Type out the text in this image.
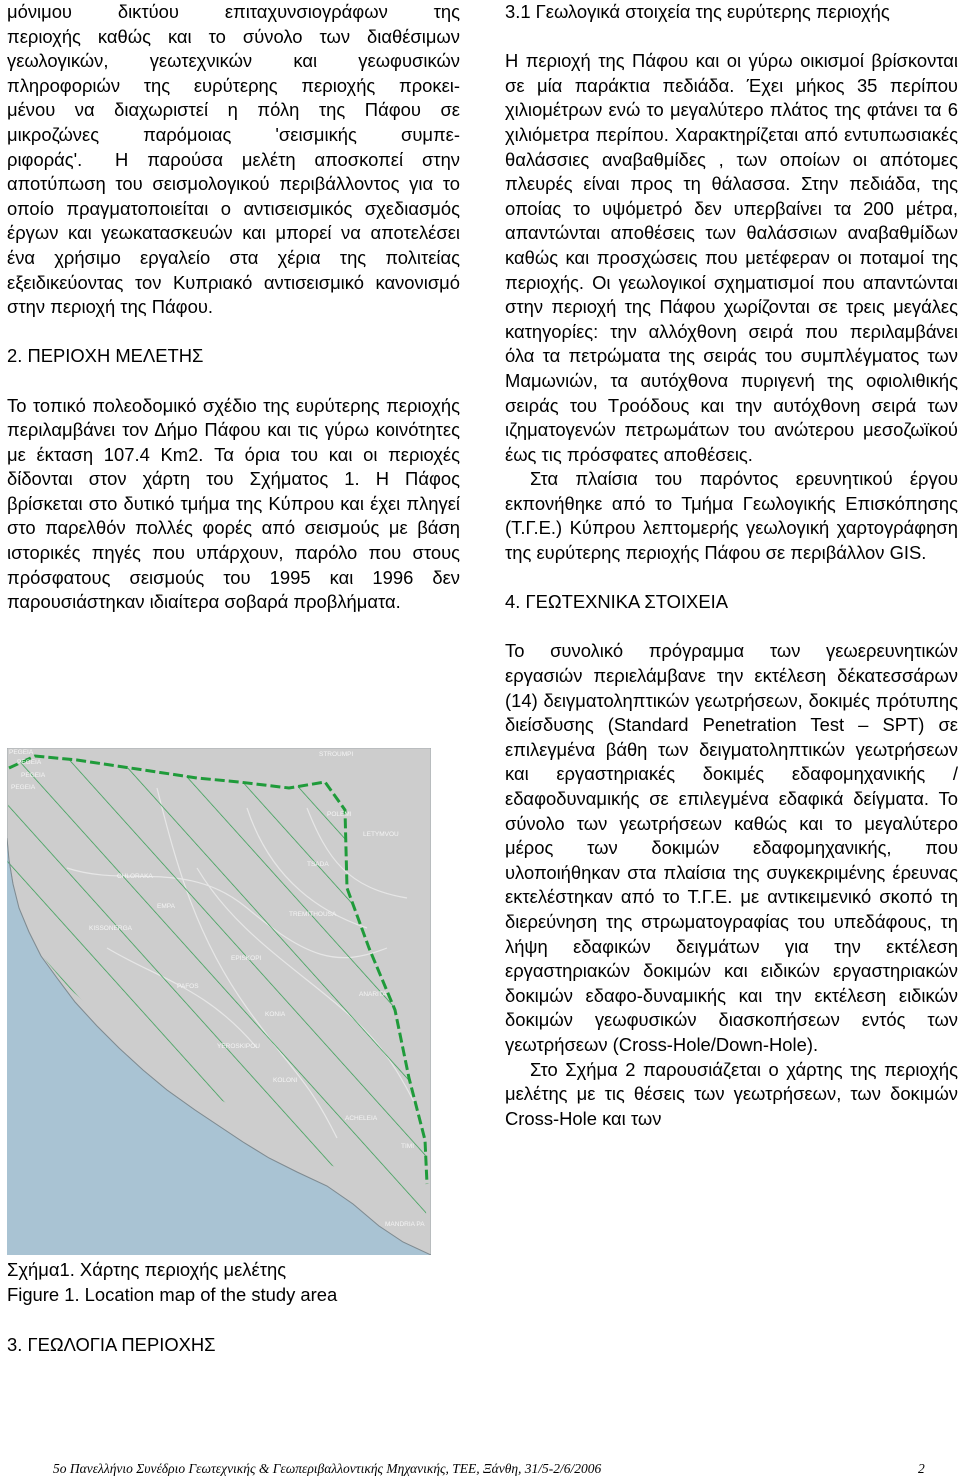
μόνιμου δικτύου επιταχυνσιογράφων της

περιοχής καθώς και το σύνολο των διαθέσιμων

γεωλογικών, γεωτεχνικών και γεωφυσικών

πληροφοριών της ευρύτερης περιοχής προκει-

μένου να διαχωριστεί η πόλη της Πάφου σε

μικροζώνες παρόμοιας 'σεισμικής συμπε-

ριφοράς'.	Η παρούσα μελέτη αποσκοπεί στην αποτύπωση του σεισμολογικού περιβάλλοντος για το οποίο πραγματοποιείται ο αντισεισμικός σχεδιασμός έργων και γεωκατασκευών και μπορεί να αποτελέσει ένα χρήσιμο εργαλείο στα χέρια της πολιτείας εξειδικεύοντας τον Κυπριακό αντισεισμικό κανονισμό στην περιοχή της Πάφου.

2. ΠΕΡΙΟΧΗ ΜΕΛΕΤΗΣ

Το τοπικό πολεοδομικό σχέδιο της ευρύτερης περιοχής περιλαμβάνει τον Δήμο Πάφου και τις γύρω κοινότητες με έκταση 107.4 Km2. Τα όρια του και οι περιοχές δίδονται στον χάρτη του Σχήματος 1. Η Πάφος βρίσκεται στο δυτικό τμήμα της Κύπρου και έχει πληγεί στο παρελθόν πολλές φορές από σεισμούς με βάση ιστορικές πηγές που υπάρχουν, παρόλο που στους πρόσφατους σεισμούς του 1995 και 1996 δεν παρουσιάστηκαν ιδιαίτερα σοβαρά προβλήματα.

PEGEIA
PEGEIA
PEGEIA
PEGEIA
STROUMPI
POLEMI
LETYMVOU
TSADA
CHLORAKA
EMPA
KISSONERGA
TREMITHOUSA
EPISKOPI
PAFOS
ANARITA
KONIA
YEROSKIPOU
KOLONI
ACHELEIA
TIMI
MANDRIA PA
Σχήμα1. Χάρτης περιοχής μελέτης
Figure 1. Location map of the study area
3. ΓΕΩΛΟΓΙΑ ΠΕΡΙΟΧΗΣ
3.1 Γεωλογικά στοιχεία της ευρύτερης περιοχής

Η περιοχή της Πάφου και οι γύρω οικισμοί βρίσκονται σε μία παράκτια πεδιάδα. Έχει μήκος 35 περίπου χιλιομέτρων ενώ το μεγαλύτερο πλάτος της φτάνει τα 6 χιλιόμετρα περίπου. Χαρακτηρίζεται από εντυπωσιακές θαλάσσιες αναβαθμίδες , των οποίων οι απότομες πλευρές είναι προς τη θάλασσα. Στην πεδιάδα, της οποίας το υψόμετρό δεν υπερβαίνει τα 200 μέτρα, απαντώνται αποθέσεις των θαλάσσιων αναβαθμίδων καθώς και προσχώσεις που μετέφεραν οι ποταμοί της περιοχής. Οι γεωλογικοί σχηματισμοί που απαντώνται στην περιοχή της Πάφου χωρίζονται σε τρεις μεγάλες κατηγορίες: την αλλόχθονη σειρά που περιλαμβάνει όλα τα πετρώματα της σειράς του συμπλέγματος των Μαμωνιών, τα αυτόχθονα πυριγενή της οφιολιθικής σειράς του Τροόδους και την αυτόχθονη σειρά των ιζηματογενών πετρωμάτων του ανώτερου μεσοζωϊκού έως τις πρόσφατες αποθέσεις.

Στα πλαίσια του παρόντος ερευνητικού έργου εκπονήθηκε από το Τμήμα Γεωλογικής Επισκόπησης (Τ.Γ.Ε.) Κύπρου λεπτομερής γεωλογική χαρτογράφηση της ευρύτερης περιοχής Πάφου σε περιβάλλον GIS.

4. ΓΕΩΤΕΧΝΙΚΑ ΣΤΟΙΧΕΙΑ

Το συνολικό πρόγραμμα των γεωερευνητικών εργασιών περιελάμβανε την εκτέλεση δέκατεσσάρων (14) δειγματοληπτικών γεωτρήσεων, δοκιμές πρότυπης διείσδυσης (Standard Penetration Test – SPT) σε επιλεγμένα βάθη των δειγματοληπτικών γεωτρήσεων και εργαστηριακές δοκιμές εδαφομηχανικής / εδαφοδυναμικής σε επιλεγμένα εδαφικά δείγματα. Το σύνολο των γεωτρήσεων καθώς και το μεγαλύτερο μέρος των δοκιμών εδαφομηχανικής, που υλοποιήθηκαν στα πλαίσια της συγκεκριμένης έρευνας εκτελέστηκαν από το Τ.Γ.Ε. με αντικειμενικό σκοπό τη διερεύνηση της στρωματογραφίας του υπεδάφους, τη λήψη εδαφικών δειγμάτων για την εκτέλεση εργαστηριακών δοκιμών και ειδικών εργαστηριακών δοκιμών εδαφο-δυναμικής και την εκτέλεση ειδικών δοκιμών γεωφυσικών διασκοπήσεων εντός των γεωτρήσεων (Cross-Hole/Down-Hole).

Στο Σχήμα 2 παρουσιάζεται ο χάρτης της περιοχής μελέτης με τις θέσεις των γεωτρήσεων, των δοκιμών Cross-Hole και των

5o Πανελλήνιο Συνέδριο Γεωτεχνικής & Γεωπεριβαλλοντικής Μηχανικής, ΤΕΕ, Ξάνθη, 31/5-2/6/2006	2
